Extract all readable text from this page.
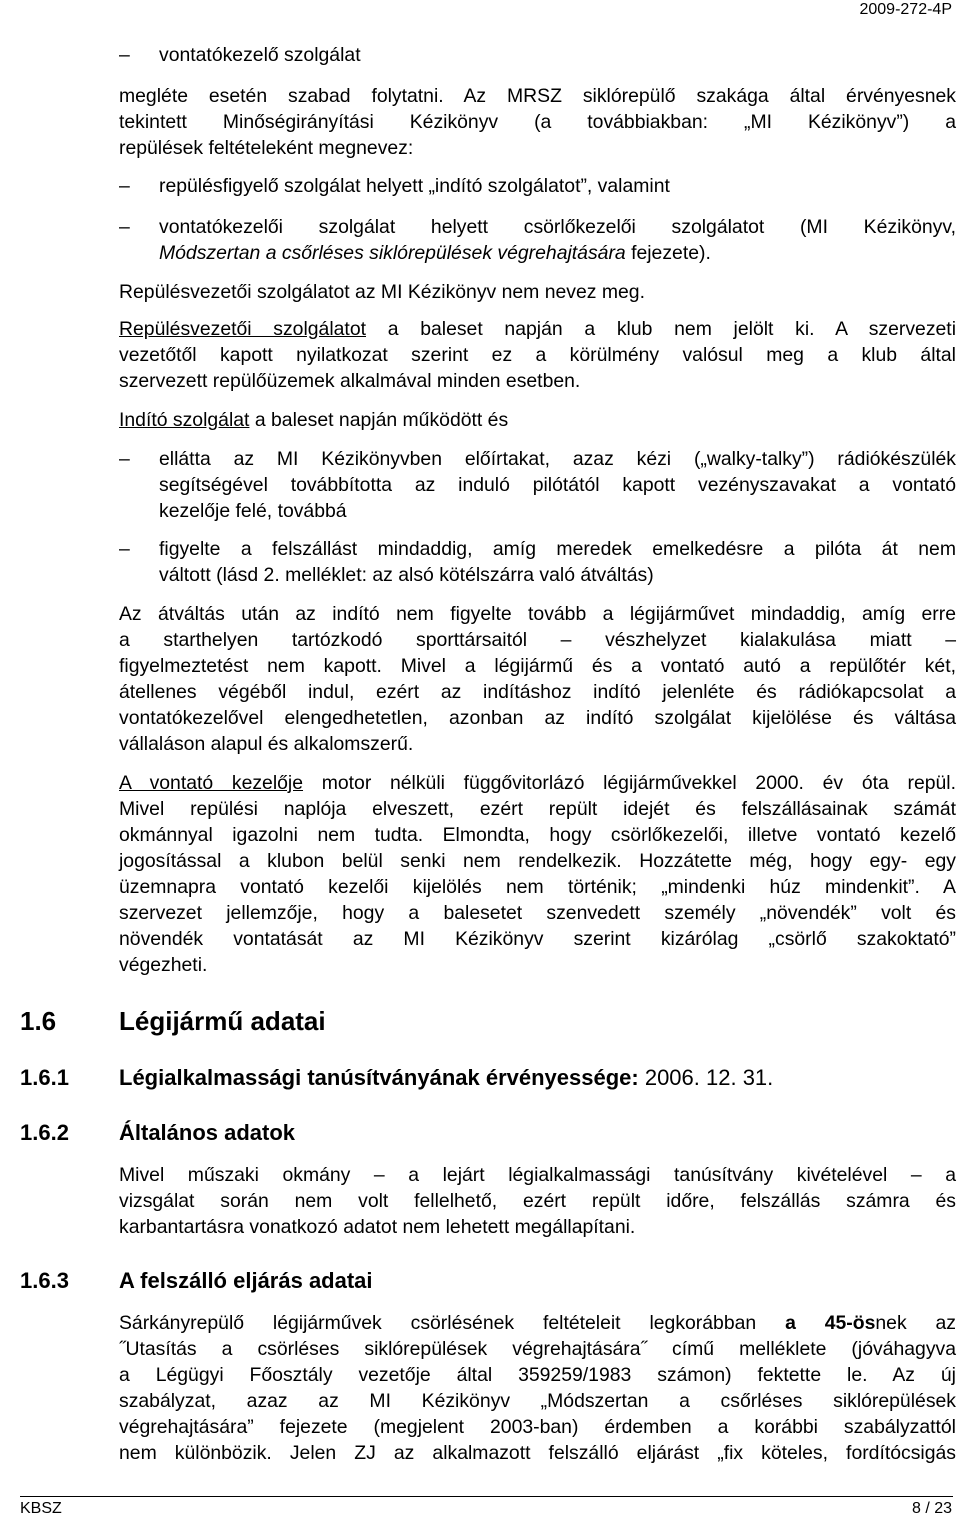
2009-272-4P
– vontatókezelő szolgálat
megléte esetén szabad folytatni. Az MRSZ siklórepülő szakága által érvényesnek
tekintett Minőségirányítási Kézikönyv (a továbbiakban: „MI Kézikönyv”) a
repülések feltételeként megnevez:
– repülésfigyelő szolgálat helyett „indító szolgálatot”, valamint
– vontatókezelői szolgálat helyett csörlőkezelői szolgálatot (MI Kézikönyv,
Módszertan a csőrléses siklórepülések végrehajtására fejezete).
Repülésvezetői szolgálatot az MI Kézikönyv nem nevez meg.
Repülésvezetői szolgálatot a baleset napján a klub nem jelölt ki. A szervezeti
vezetőtől kapott nyilatkozat szerint ez a körülmény valósul meg a klub által
szervezett repülőüzemek alkalmával minden esetben.
Indító szolgálat a baleset napján működött és
– ellátta az MI Kézikönyvben előírtakat, azaz kézi („walky-talky”) rádiókészülék
segítségével továbbította az induló pilótától kapott vezényszavakat a vontató
kezelője felé, továbbá
– figyelte a felszállást mindaddig, amíg meredek emelkedésre a pilóta át nem
váltott (lásd 2. melléklet: az alsó kötélszárra való átváltás)
Az átváltás után az indító nem figyelte tovább a légijárművet mindaddig, amíg erre
a starthelyen tartózkodó sporttársaitól – vészhelyzet kialakulása miatt –
figyelmeztetést nem kapott. Mivel a légijármű és a vontató autó a repülőtér két,
átellenes végéből indul, ezért az indításhoz indító jelenléte és rádiókapcsolat a
vontatókezelővel elengedhetetlen, azonban az indító szolgálat kijelölése és váltása
vállaláson alapul és alkalomszerű.
A vontató kezelője motor nélküli függővitorlázó légijárművekkel 2000. év óta repül.
Mivel repülési naplója elveszett, ezért repült idejét és felszállásainak számát
okmánnyal igazolni nem tudta. Elmondta, hogy csörlőkezelői, illetve vontató kezelő
jogosítással a klubon belül senki nem rendelkezik. Hozzátette még, hogy egy- egy
üzemnapra vontató kezelői kijelölés nem történik; „mindenki húz mindenkit”. A
szervezet jellemzője, hogy a balesetet szenvedett személy „növendék” volt és
növendék vontatását az MI Kézikönyv szerint kizárólag „csörlő szakoktató”
végezheti.
Mivel műszaki okmány – a lejárt légialkalmassági tanúsítvány kivételével – a
vizsgálat során nem volt fellelhető, ezért repült időre, felszállás számra és
karbantartásra vonatkozó adatot nem lehetett megállapítani.
Sárkányrepülő légijárművek csörlésének feltételeit legkorábban a 45-ösnek az
˝Utasítás a csörléses siklórepülések végrehajtására˝ című melléklete (jóváhagyva
a Légügyi Főosztály vezetője által 359259/1983 számon) fektette le. Az új
szabályzat, azaz az MI Kézikönyv „Módszertan a csőrléses siklórepülések
végrehajtására” fejezete (megjelent 2003-ban) érdemben a korábbi szabályzattól
nem különbözik. Jelen ZJ az alkalmazott felszálló eljárást „fix köteles, fordítócsigás
1.6 Légijármű adatai
1.6.1 Légialkalmassági tanúsítványának érvényessége: 2006. 12. 31.
1.6.2 Általános adatok
1.6.3 A felszálló eljárás adatai
KBSZ	8 / 23
